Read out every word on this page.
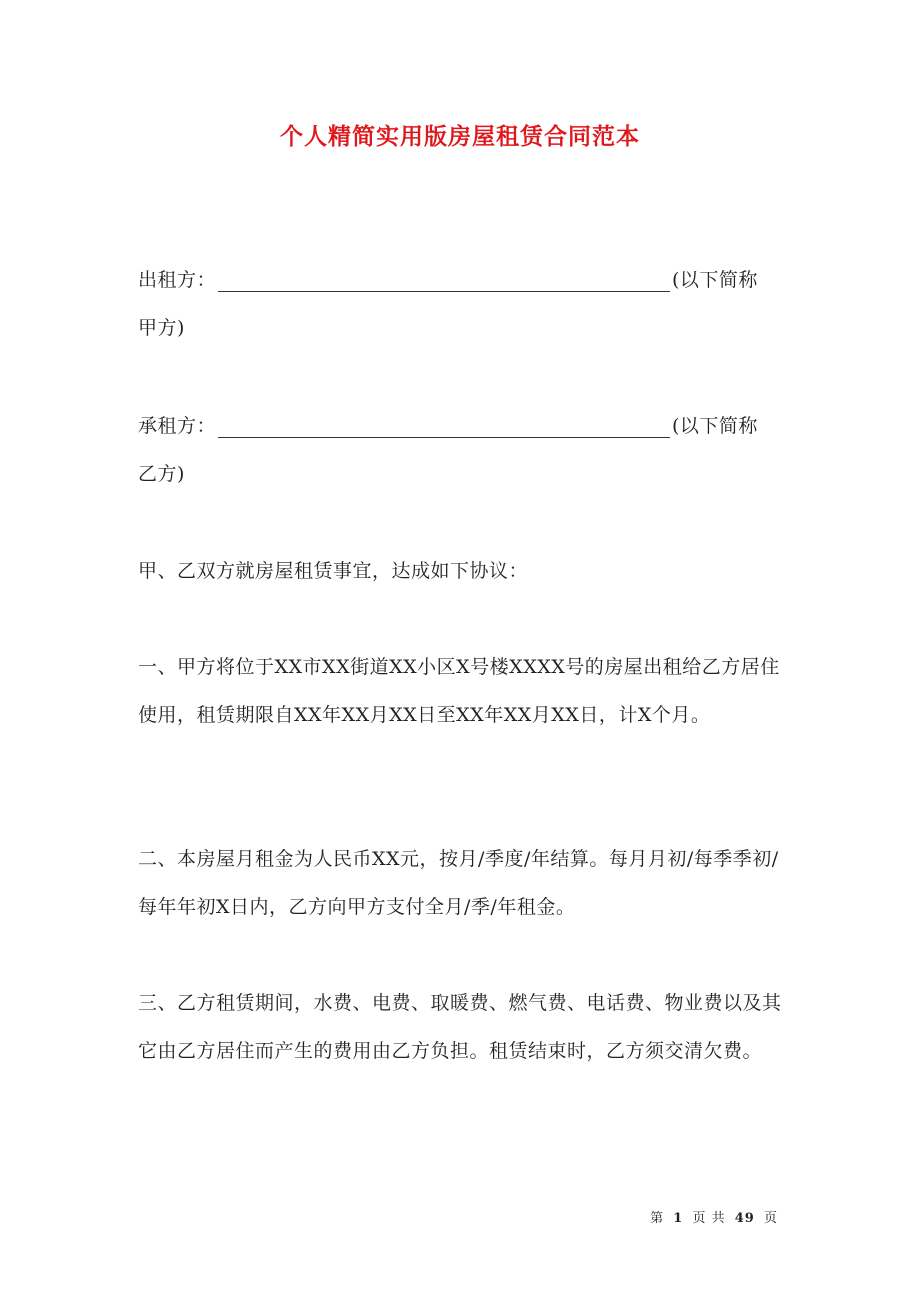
个人精简实用版房屋租赁合同范本
出租方：	(以下简称
甲方)
承租方：	(以下简称
乙方)

甲、乙双方就房屋租赁事宜，达成如下协议：

一、甲方将位于XX市XX街道XX小区X号楼XXXX号的房屋出租给乙方居住使用，租赁期限自XX年XX月XX日至XX年XX月XX日，计X个月。

二、本房屋月租金为人民币XX元，按月/季度/年结算。每月月初/每季季初/每年年初X日内，乙方向甲方支付全月/季/年租金。

三、乙方租赁期间，水费、电费、取暖费、燃气费、电话费、物业费以及其它由乙方居住而产生的费用由乙方负担。租赁结束时，乙方须交清欠费。

第 1 页 共 49 页
